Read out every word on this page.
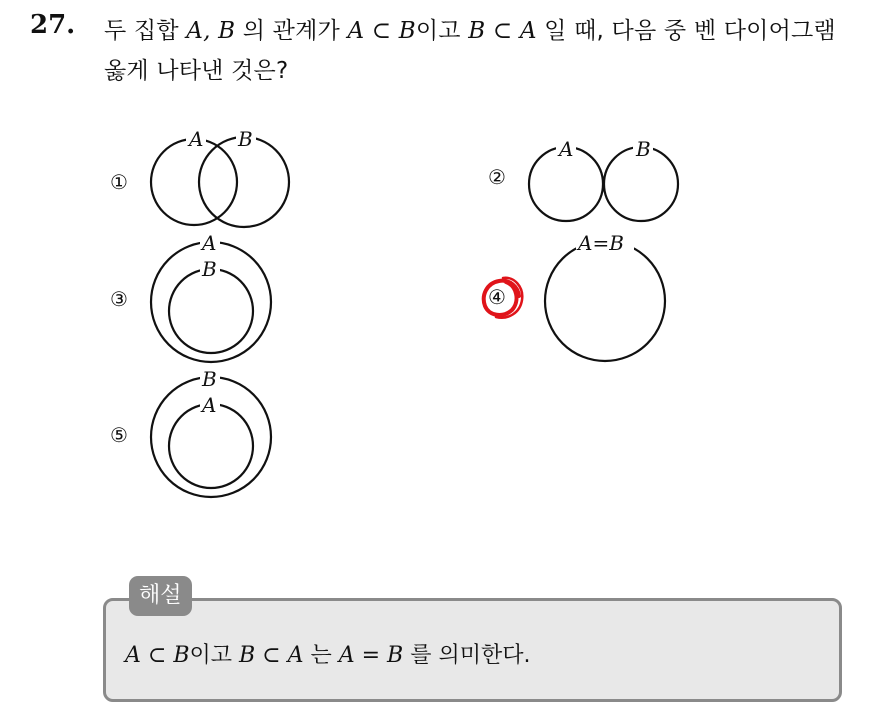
27. 두 집합 A, B 의 관계가 A ⊂ B이고 B ⊂ A 일 때, 다음 중 벤 다이어그램
옳게 나타낸 것은?
A B	A	B
A
B
A=B
B
A
①	②
③	④
⑤
해설
A ⊂ B이고 B ⊂ A 는 A = B 를 의미한다.
